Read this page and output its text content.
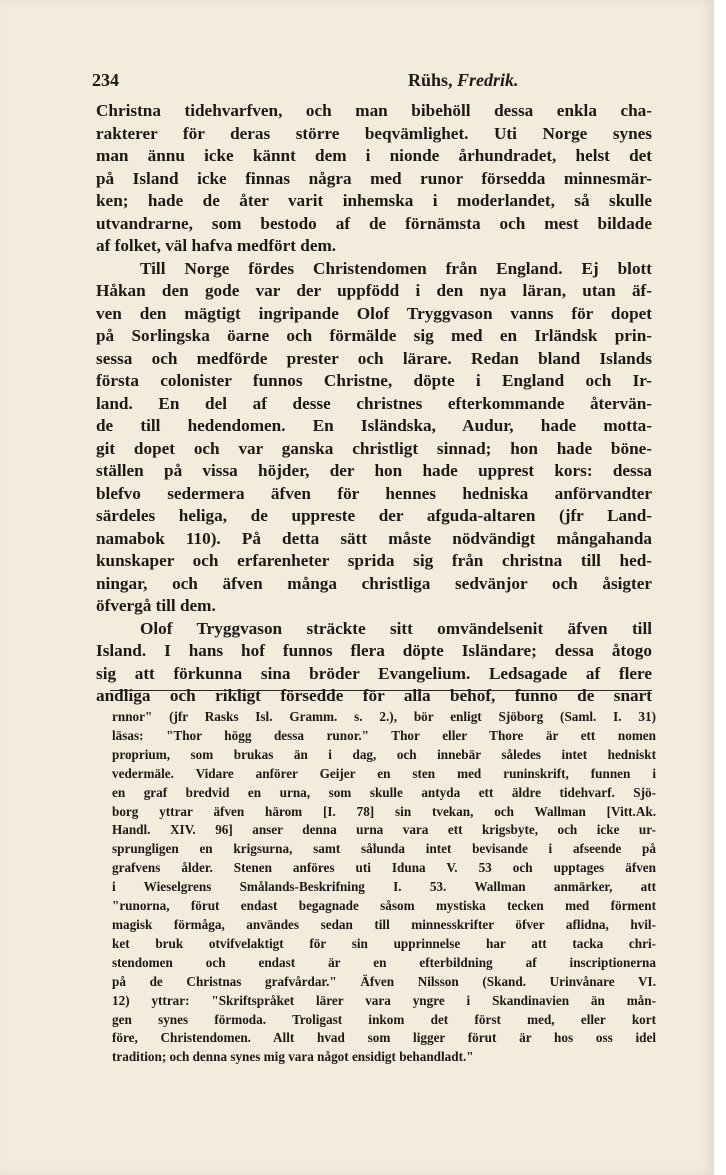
234	Rühs, Fredrik.
Christna tidehvarfven, och man bibehöll dessa enkla cha-
rakterer för deras större beqvämlighet. Uti Norge synes
man ännu icke kännt dem i nionde århundradet, helst det
på Island icke finnas några med runor försedda minnesmär-
ken; hade de åter varit inhemska i moderlandet, så skulle
utvandrarne, som bestodo af de förnämsta och mest bildade
af folket, väl hafva medfört dem.
Till Norge fördes Christendomen från England. Ej blott
Håkan den gode var der uppfödd i den nya läran, utan äf-
ven den mägtigt ingripande Olof Tryggvason vanns för dopet
på Sorlingska öarne och förmälde sig med en Irländsk prin-
sessa och medförde prester och lärare. Redan bland Islands
första colonister funnos Christne, döpte i England och Ir-
land. En del af desse christnes efterkommande återvän-
de till hedendomen. En Isländska, Audur, hade motta-
git dopet och var ganska christligt sinnad; hon hade böne-
ställen på vissa höjder, der hon hade upprest kors: dessa
blefvo sedermera äfven för hennes hedniska anförvandter
särdeles heliga, de uppreste der afguda-altaren (jfr Land-
namabok 110). På detta sätt måste nödvändigt mångahanda
kunskaper och erfarenheter sprida sig från christna till hed-
ningar, och äfven många christliga sedvänjor och åsigter
öfvergå till dem.
Olof Tryggvason sträckte sitt omvändelsenit äfven till
Island. I hans hof funnos flera döpte Isländare; dessa åtogo
sig att förkunna sina bröder Evangelium. Ledsagade af flere
andliga och rikligt försedde för alla behof, funno de snart
rnnor" (jfr Rasks Isl. Gramm. s. 2.), bör enligt Sjöborg (Saml. I. 31)
läsas: "Thor högg dessa runor." Thor eller Thore är ett nomen
proprium, som brukas än i dag, och innebär således intet hedniskt
vedermäle. Vidare anförer Geijer en sten med runinskrift, funnen i
en graf bredvid en urna, som skulle antyda ett äldre tidehvarf. Sjö-
borg yttrar äfven härom [I. 78] sin tvekan, och Wallman [Vitt.Ak.
Handl. XIV. 96] anser denna urna vara ett krigsbyte, och icke ur-
sprungligen en krigsurna, samt sålunda intet bevisande i afseende på
grafvens ålder. Stenen anföres uti Iduna V. 53 och upptages äfven
i Wieselgrens Smålands-Beskrifning I. 53. Wallman anmärker, att
"runorna, förut endast begagnade såsom mystiska tecken med förment
magisk förmåga, användes sedan till minnesskrifter öfver aflidna, hvil-
ket bruk otvifvelaktigt för sin upprinnelse har att tacka chri-
stendomen och endast är en efterbildning af inscriptionerna
på de Christnas grafvårdar." Äfven Nilsson (Skand. Urinvånare VI.
12) yttrar: "Skriftspråket lärer vara yngre i Skandinavien än mån-
gen synes förmoda. Troligast inkom det först med, eller kort
före, Christendomen. Allt hvad som ligger förut är hos oss idel
tradition; och denna synes mig vara något ensidigt behandladt."
